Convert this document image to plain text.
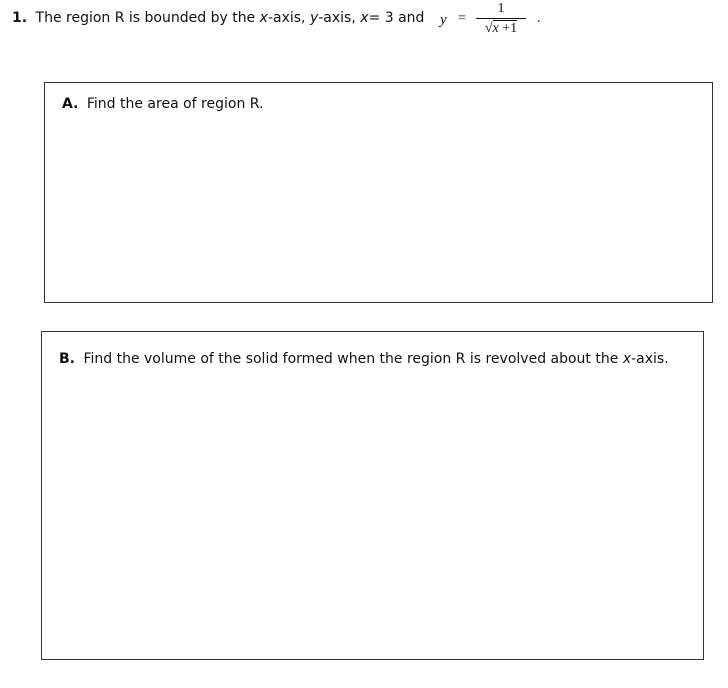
1. The region R is bounded by the x-axis, y-axis, x= 3 and y =
1
√x +1
.
A. Find the area of region R.
B. Find the volume of the solid formed when the region R is revolved about the x-axis.
